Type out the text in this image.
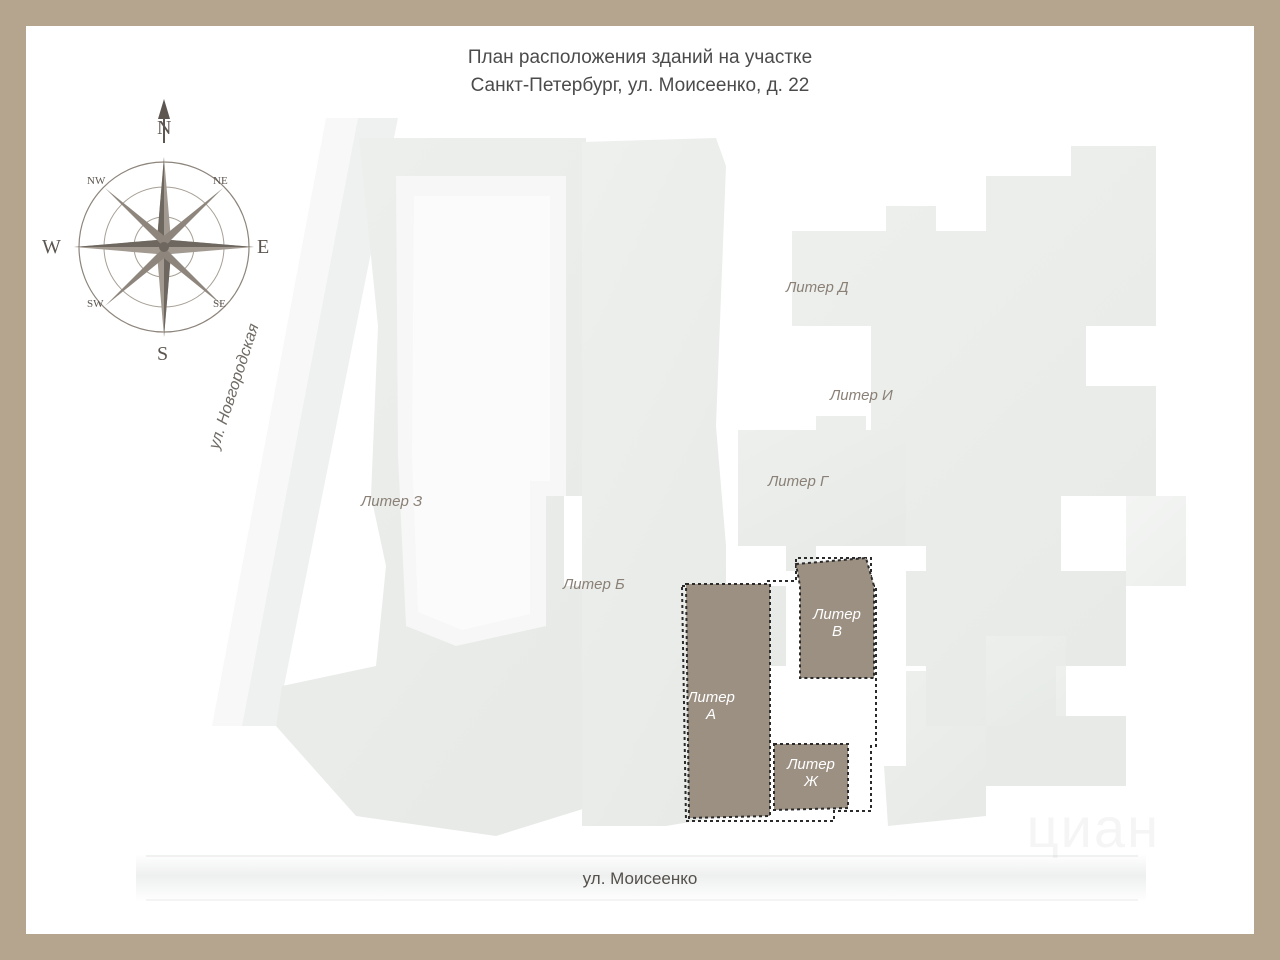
Литер З
Литер Б
Литер Г
Литер Д
Литер И
Литер
А
Литер
В
Литер
Ж
ул. Новгородская
ул. Моисеенко
План расположения зданий на участке
Санкт-Петербург, ул. Моисеенко, д. 22
N
E
S
W
NE
SE
SW
NW
циан
